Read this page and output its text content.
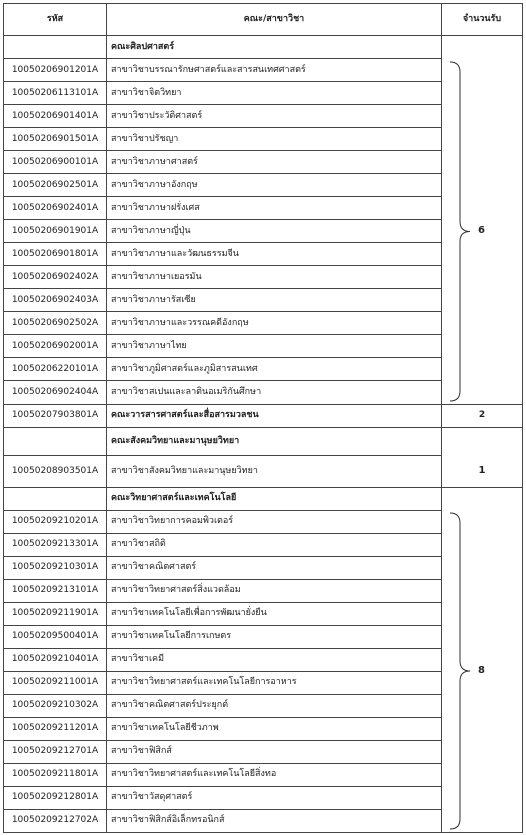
รหัส	คณะ/สาขาวิชา	จำนวนรับ
	คณะศิลปศาสตร์	
10050206901201A	สาขาวิชาบรรณารักษศาสตร์และสารสนเทศศาสตร์	6

10050206113101A	สาขาวิชาจิตวิทยา	
10050206901401A	สาขาวิชาประวัติศาสตร์	
10050206901501A	สาขาวิชาปรัชญา	
10050206900101A	สาขาวิชาภาษาศาสตร์	
10050206902501A	สาขาวิชาภาษาอังกฤษ	
10050206902401A	สาขาวิชาภาษาฝรั่งเศส	
10050206901901A	สาขาวิชาภาษาญี่ปุ่น	
10050206901801A	สาขาวิชาภาษาและวัฒนธรรมจีน	
10050206902402A	สาขาวิชาภาษาเยอรมัน	
10050206902403A	สาขาวิชาภาษารัสเซีย	
10050206902502A	สาขาวิชาภาษาและวรรณคดีอังกฤษ	
10050206902001A	สาขาวิชาภาษาไทย	
10050206220101A	สาขาวิชาภูมิศาสตร์และภูมิสารสนเทศ	
10050206902404A	สาขาวิชาสเปนและลาตินอเมริกันศึกษา	
10050207903801A	คณะวารสารศาสตร์และสื่อสารมวลชน	2
	คณะสังคมวิทยาและมานุษยวิทยา	
10050208903501A	สาขาวิชาสังคมวิทยาและมานุษยวิทยา	1

	คณะวิทยาศาสตร์และเทคโนโลยี	
10050209210201A	สาขาวิชาวิทยาการคอมพิวเตอร์	8

10050209213301A	สาขาวิชาสถิติ	
10050209210301A	สาขาวิชาคณิตศาสตร์	
10050209213101A	สาขาวิชาวิทยาศาสตร์สิ่งแวดล้อม	
10050209211901A	สาขาวิชาเทคโนโลยีเพื่อการพัฒนายั่งยืน	
10050209500401A	สาขาวิชาเทคโนโลยีการเกษตร	
10050209210401A	สาขาวิชาเคมี	
10050209211001A	สาขาวิชาวิทยาศาสตร์และเทคโนโลยีการอาหาร	
10050209210302A	สาขาวิชาคณิตศาสตร์ประยุกต์	
10050209211201A	สาขาวิชาเทคโนโลยีชีวภาพ	
10050209212701A	สาขาวิชาฟิสิกส์	
10050209211801A	สาขาวิชาวิทยาศาสตร์และเทคโนโลยีสิ่งทอ	
10050209212801A	สาขาวิชาวัสดุศาสตร์	
10050209212702A	สาขาวิชาฟิสิกส์อิเล็กทรอนิกส์	
